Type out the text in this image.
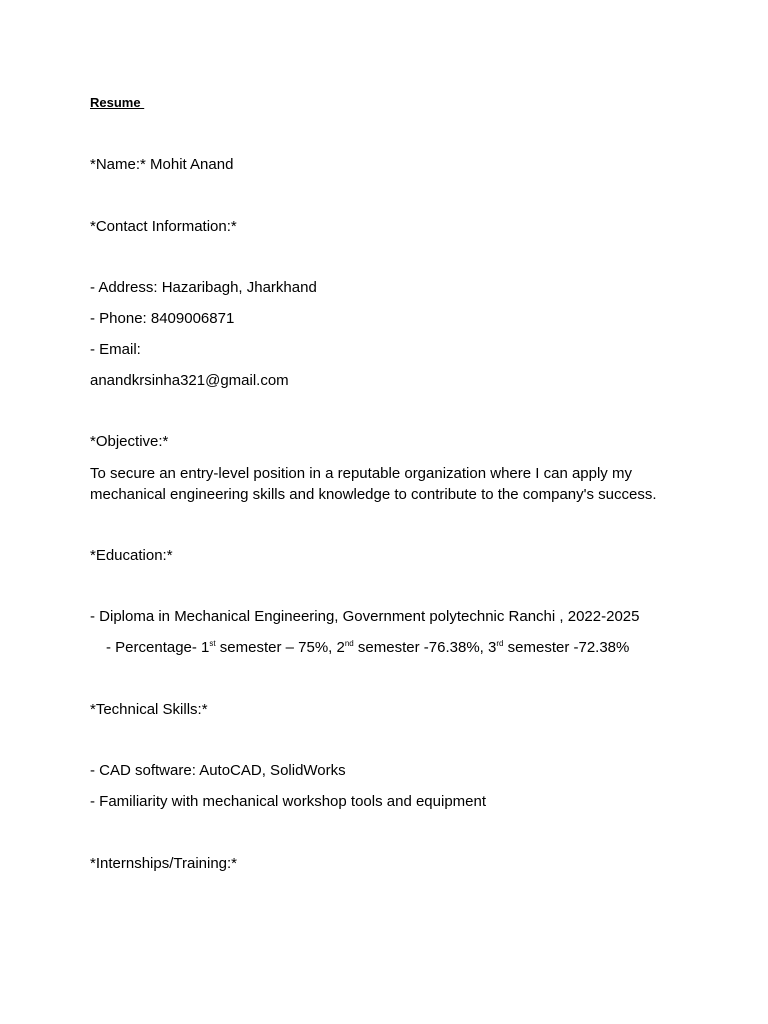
Resume
*Name:* Mohit Anand
*Contact Information:*
- Address: Hazaribagh, Jharkhand
- Phone: 8409006871
- Email:
anandkrsinha321@gmail.com
*Objective:*
To secure an entry-level position in a reputable organization where I can apply my mechanical engineering skills and knowledge to contribute to the company's success.
*Education:*
- Diploma in Mechanical Engineering, Government polytechnic Ranchi , 2022-2025
- Percentage- 1st semester – 75%, 2nd semester -76.38%, 3rd semester -72.38%
*Technical Skills:*
- CAD software: AutoCAD, SolidWorks
- Familiarity with mechanical workshop tools and equipment
*Internships/Training:*
